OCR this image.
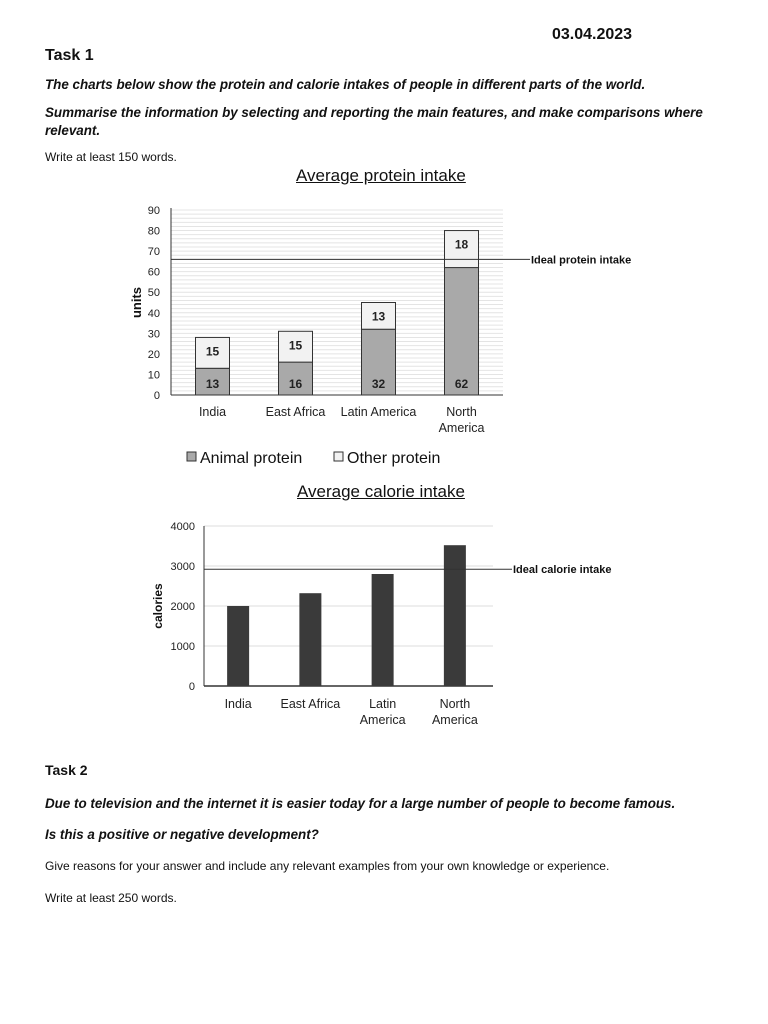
03.04.2023
Task 1
The charts below show the protein and calorie intakes of people in different parts of the world.
Summarise the information by selecting and reporting the main features, and make comparisons where relevant.
Write at least 150 words.
Average protein intake
0
10
20
30
40
50
60
70
80
90
units
13
15
India
16
15
East Africa
32
13
Latin America
62
18
North
America
Ideal protein intake
Animal protein	Other protein
Average calorie intake
0
1000
2000
3000
4000
calories
India East Africa Latin
America
North
America
Ideal calorie intake
Task 2
Due to television and the internet it is easier today for a large number of people to become famous.
Is this a positive or negative development?
Give reasons for your answer and include any relevant examples from your own knowledge or experience.
Write at least 250 words.
